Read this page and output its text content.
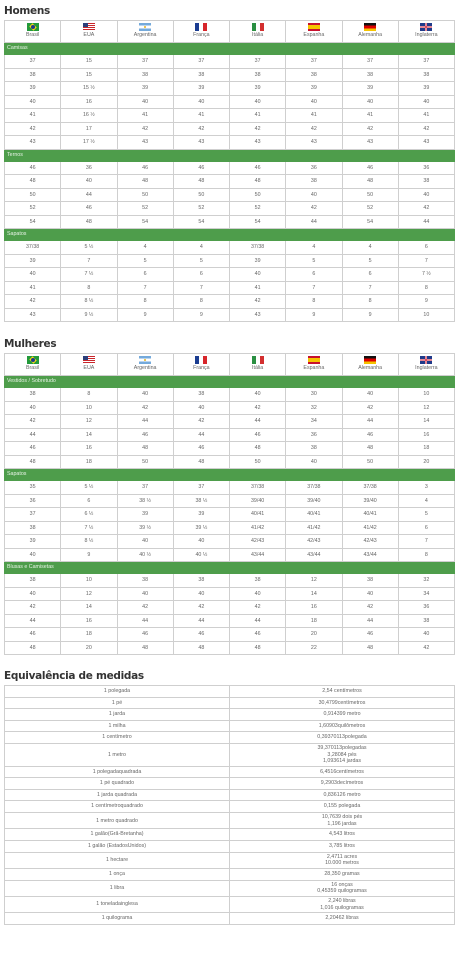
Homens
Brasil	EUA	Argentina	França	Itália	Espanha	Alemanha	Inglaterra

Camisas							
37	15	37	37	37	37	37	37
38	15	38	38	38	38	38	38
39	15 ½	39	39	39	39	39	39
40	16	40	40	40	40	40	40
41	16 ½	41	41	41	41	41	41
42	17	42	42	42	42	42	42
43	17 ½	43	43	43	43	43	43
Ternos							
46	36	46	46	46	36	46	36
48	40	48	48	48	38	48	38
50	44	50	50	50	40	50	40
52	46	52	52	52	42	52	42
54	48	54	54	54	44	54	44
Sapatos							
37/38	5 ½	4	4	37/38	4	4	6
39	7	5	5	39	5	5	7
40	7 ½	6	6	40	6	6	7 ½
41	8	7	7	41	7	7	8
42	8 ½	8	8	42	8	8	9
43	9 ½	9	9	43	9	9	10
Mulheres
Brasil	EUA	Argentina	França	Itália	Espanha	Alemanha	Inglaterra

Vestidos / Sobretudo							
38	8	40	38	40	30	40	10
40	10	42	40	42	32	42	12
42	12	44	42	44	34	44	14
44	14	46	44	46	36	46	16
46	16	48	46	48	38	48	18
48	18	50	48	50	40	50	20
Sapatos							
35	5 ½	37	37	37/38	37/38	37/38	3
36	6	38 ½	38 ½	39/40	39/40	39/40	4
37	6 ½	39	39	40/41	40/41	40/41	5
38	7 ½	39 ½	39 ½	41/42	41/42	41/42	6
39	8 ½	40	40	42/43	42/43	42/43	7
40	9	40 ½	40 ½	43/44	43/44	43/44	8
Blusas e Camisetas							
38	10	38	38	38	12	38	32
40	12	40	40	40	14	40	34
42	14	42	42	42	16	42	36
44	16	44	44	44	18	44	38
46	18	46	46	46	20	46	40
48	20	48	48	48	22	48	42
Equivalência de medidas
1 polegada	2,54 centímetros
1 pé	30,4799centímetros
1 jarda	0,914399 metro
1 milha	1,60903quilômetros
1 centímetro	0,39370113polegada

1 metro	39,370113polegadas
3,28084 pés
1,093614 jardas

1 polegadaquadrada	6,4516centímetros
1 pé quadrado	9,2903decímetros
1 jarda quadrada	0,836126 metro
1 centímetroquadrado	0,155 polegada

1 metro quadrado	10,7639 dois pés
1,196 jardas

1 galão(Grã-Bretanha)	4,543 litros
1 galão (EstadosUnidos)	3,785 litros

1 hectare	2,4711 acres
10.000 metros

1 onça	28,350 gramas

1 libra	16 onças
0,45359 quilogramas

1 toneladainglesa	2,240 libras
1,016 quilogramas

1 quilograma	2,20462 libras
